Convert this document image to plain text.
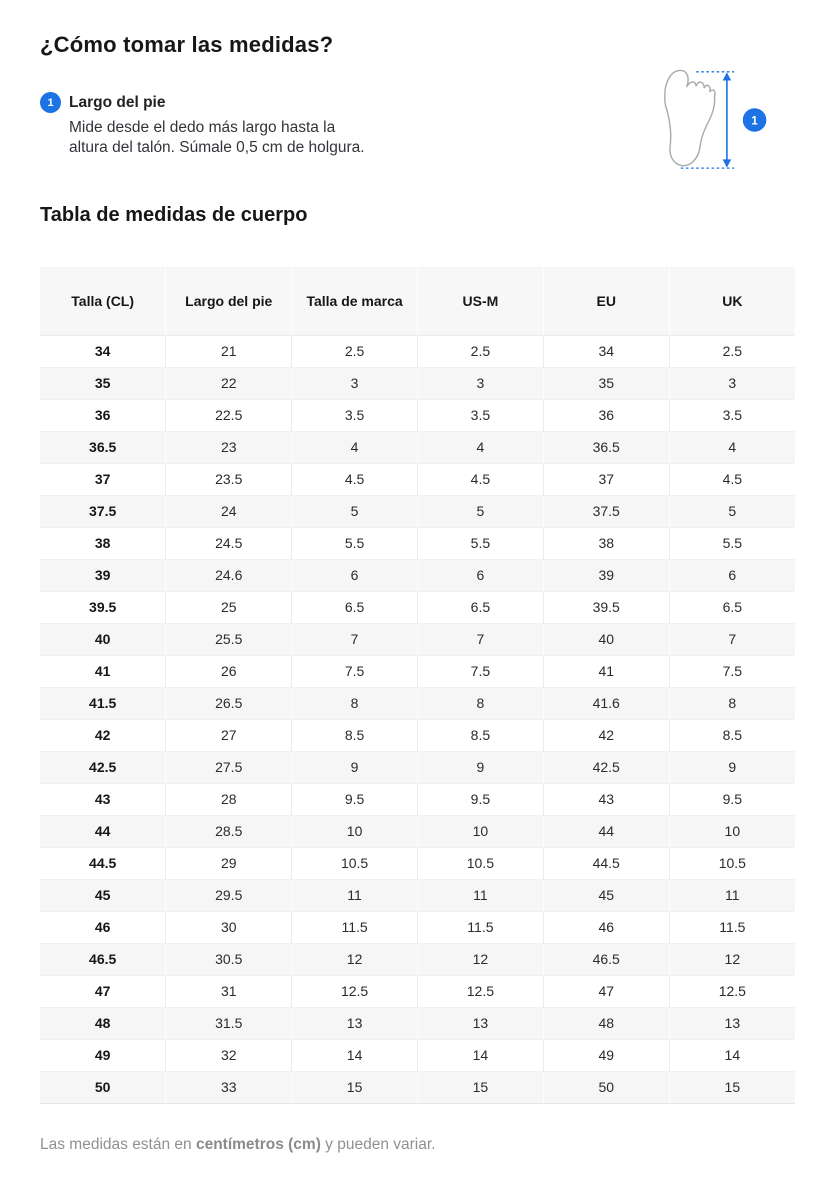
¿Cómo tomar las medidas?
1 Largo del pie
Mide desde el dedo más largo hasta la
altura del talón. Súmale 0,5 cm de holgura.
1
Tabla de medidas de cuerpo
Talla (CL)	Largo del pie	Talla de marca	US-M	EU	UK
34	21	2.5	2.5	34	2.5
35	22	3	3	35	3
36	22.5	3.5	3.5	36	3.5
36.5	23	4	4	36.5	4
37	23.5	4.5	4.5	37	4.5
37.5	24	5	5	37.5	5
38	24.5	5.5	5.5	38	5.5
39	24.6	6	6	39	6
39.5	25	6.5	6.5	39.5	6.5
40	25.5	7	7	40	7
41	26	7.5	7.5	41	7.5
41.5	26.5	8	8	41.6	8
42	27	8.5	8.5	42	8.5
42.5	27.5	9	9	42.5	9
43	28	9.5	9.5	43	9.5
44	28.5	10	10	44	10
44.5	29	10.5	10.5	44.5	10.5
45	29.5	11	11	45	11
46	30	11.5	11.5	46	11.5
46.5	30.5	12	12	46.5	12
47	31	12.5	12.5	47	12.5
48	31.5	13	13	48	13
49	32	14	14	49	14
50	33	15	15	50	15

Las medidas están en centímetros (cm) y pueden variar.
